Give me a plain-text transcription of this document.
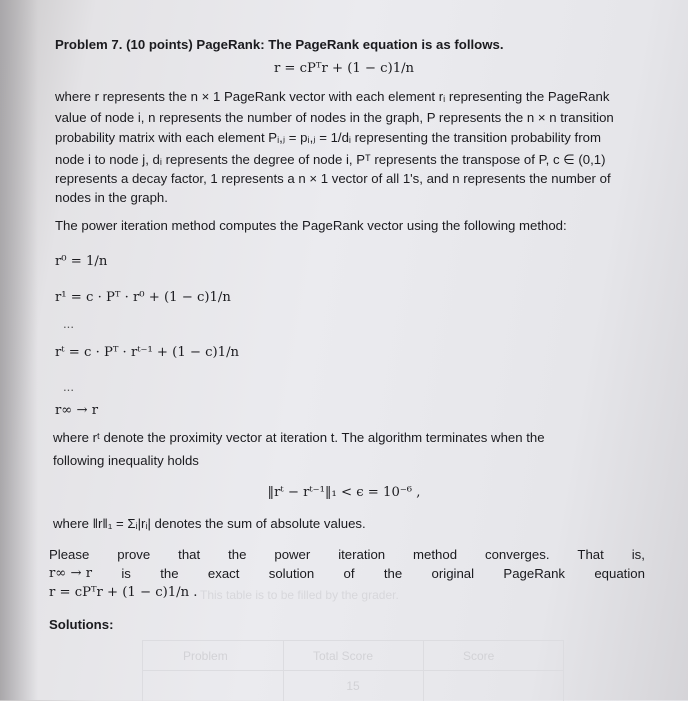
Problem 7. (10 points) PageRank: The PageRank equation is as follows.
r = cPᵀr + (1 − c)1/n
where r represents the n × 1 PageRank vector with each element rᵢ representing the PageRank
value of node i, n represents the number of nodes in the graph, P represents the n × n transition
probability matrix with each element Pᵢ,ⱼ = pᵢ,ⱼ = 1/dᵢ representing the transition probability from
node i to node j, dᵢ represents the degree of node i, Pᵀ represents the transpose of P, c ∈ (0,1)
represents a decay factor, 1 represents a n × 1 vector of all 1's, and n represents the number of
nodes in the graph.
The power iteration method computes the PageRank vector using the following method:
r⁰ = 1/n
r¹ = c · Pᵀ · r⁰ + (1 − c)1/n
...
rᵗ = c · Pᵀ · rᵗ⁻¹ + (1 − c)1/n
...
r∞ → r
where rᵗ denote the proximity vector at iteration t. The algorithm terminates when the
following inequality holds
‖rᵗ − rᵗ⁻¹‖₁ < ϵ = 10⁻⁶ ,
where ‖r‖₁ = Σᵢ|rᵢ| denotes the sum of absolute values.
Please prove that the power iteration method converges. That is,
r∞ → r is the exact solution of the original PageRank equation
r = cPᵀr + (1 − c)1/n . This table is to be filled by the grader.
Solutions:
Problem	Total Score	Score
15
